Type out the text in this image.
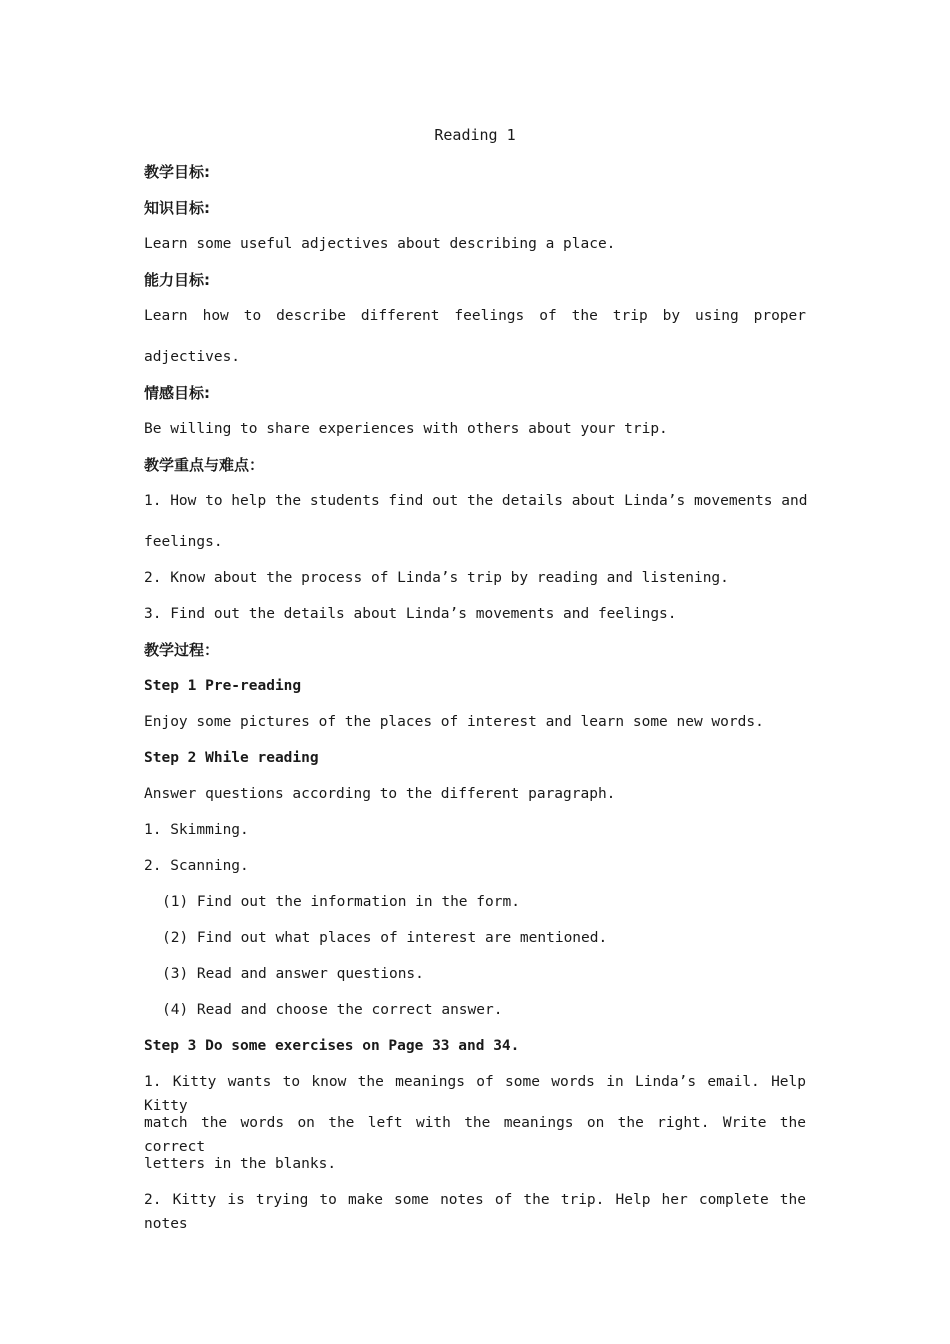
Reading 1
教学目标:
知识目标:
Learn some useful adjectives about describing a place.
能力目标:
Learn how to describe different feelings of the trip by using proper
adjectives.
情感目标:
Be willing to share experiences with others about your trip.
教学重点与难点：
1. How to help the students find out the details about Linda’s movements and
feelings.
2. Know about the process of Linda’s trip by reading and listening.
3. Find out the details about Linda’s movements and feelings.
教学过程：
Step 1 Pre-reading
Enjoy some pictures of the places of interest and learn some new words.
Step 2 While reading
Answer questions according to the different paragraph.
1. Skimming.
2. Scanning.
(1) Find out the information in the form.
(2) Find out what places of interest are mentioned.
(3) Read and answer questions.
(4) Read and choose the correct answer.
Step 3 Do some exercises on Page 33 and 34.
1. Kitty wants to know the meanings of some words in Linda’s email. Help Kitty
match the words on the left with the meanings on the right. Write the correct
letters in the blanks.
2. Kitty is trying to make some notes of the trip. Help her complete the notes
